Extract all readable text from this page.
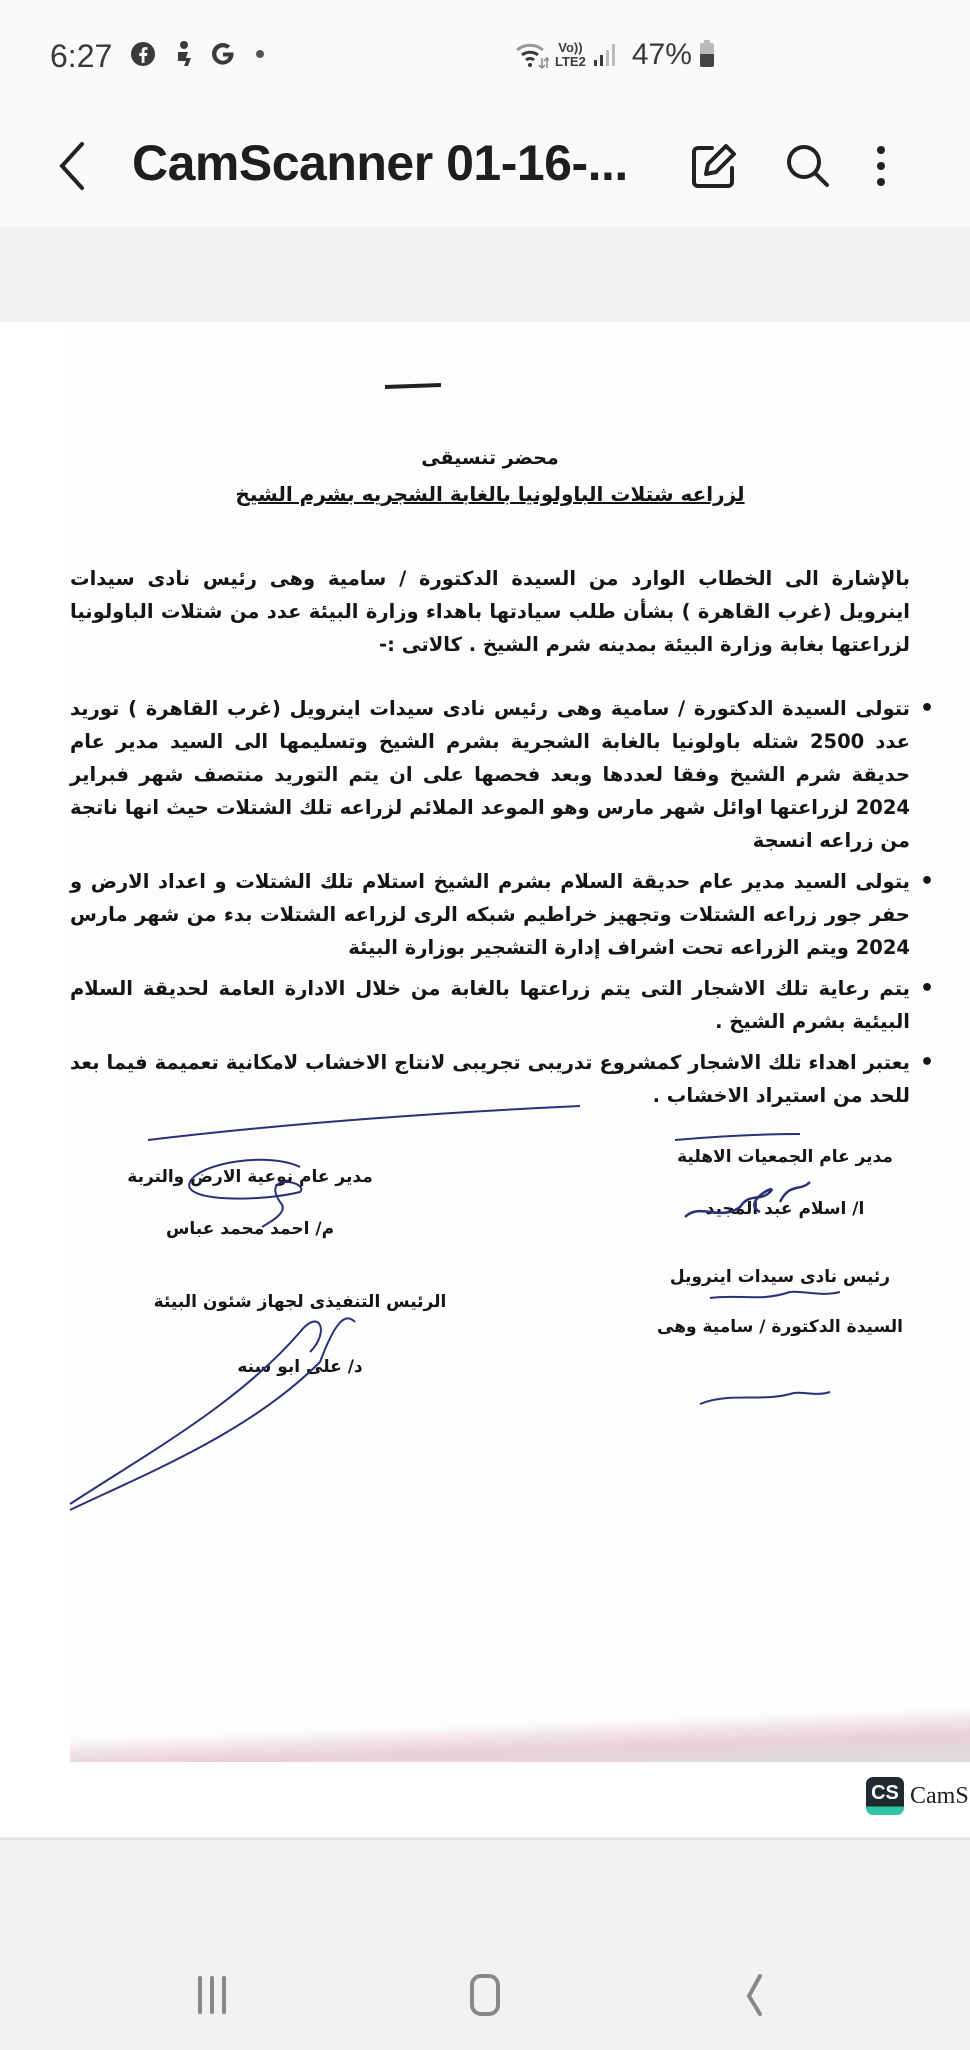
6:27	Vo))
LTE2 47%
CamScanner 01-16-...
محضر تنسيقى
لزراعه شتلات الباولونيا بالغابة الشجريه بشرم الشيخ
بالإشارة الى الخطاب الوارد من السيدة الدكتورة / سامية وهى رئيس نادى سيدات اينرويل (غرب القاهرة ) بشأن طلب سيادتها باهداء وزارة البيئة عدد من شتلات الباولونيا لزراعتها بغابة وزارة البيئة بمدينه شرم الشيخ . كالاتى :-
• تتولى السيدة الدكتورة / سامية وهى رئيس نادى سيدات اينرويل (غرب القاهرة ) توريد عدد 2500 شتله باولونيا بالغابة الشجرية بشرم الشيخ وتسليمها الى السيد مدير عام حديقة شرم الشيخ وفقا لعددها وبعد فحصها على ان يتم التوريد منتصف شهر فبراير 2024 لزراعتها اوائل شهر مارس وهو الموعد الملائم لزراعه تلك الشتلات حيث انها ناتجة من زراعه انسجة
• يتولى السيد مدير عام حديقة السلام بشرم الشيخ استلام تلك الشتلات و اعداد الارض و حفر جور زراعه الشتلات وتجهيز خراطيم شبكه الرى لزراعه الشتلات بدء من شهر مارس 2024 ويتم الزراعه تحت اشراف إدارة التشجير بوزارة البيئة
• يتم رعاية تلك الاشجار التى يتم زراعتها بالغابة من خلال الادارة العامة لحديقة السلام البيئية بشرم الشيخ .
• يعتبر اهداء تلك الاشجار كمشروع تدريبى تجريبى لانتاج الاخشاب لامكانية تعميمة فيما بعد للحد من استيراد الاخشاب .
مدير عام الجمعيات الاهلية
ا/ اسلام عبد المجيد
مدير عام نوعية الارض والتربة
م/ احمد محمد عباس
رئيس نادى سيدات اينرويل
السيدة الدكتورة / سامية وهى
الرئيس التنفيذى لجهاز شئون البيئة
د/ على ابو سنه
CS CamS
